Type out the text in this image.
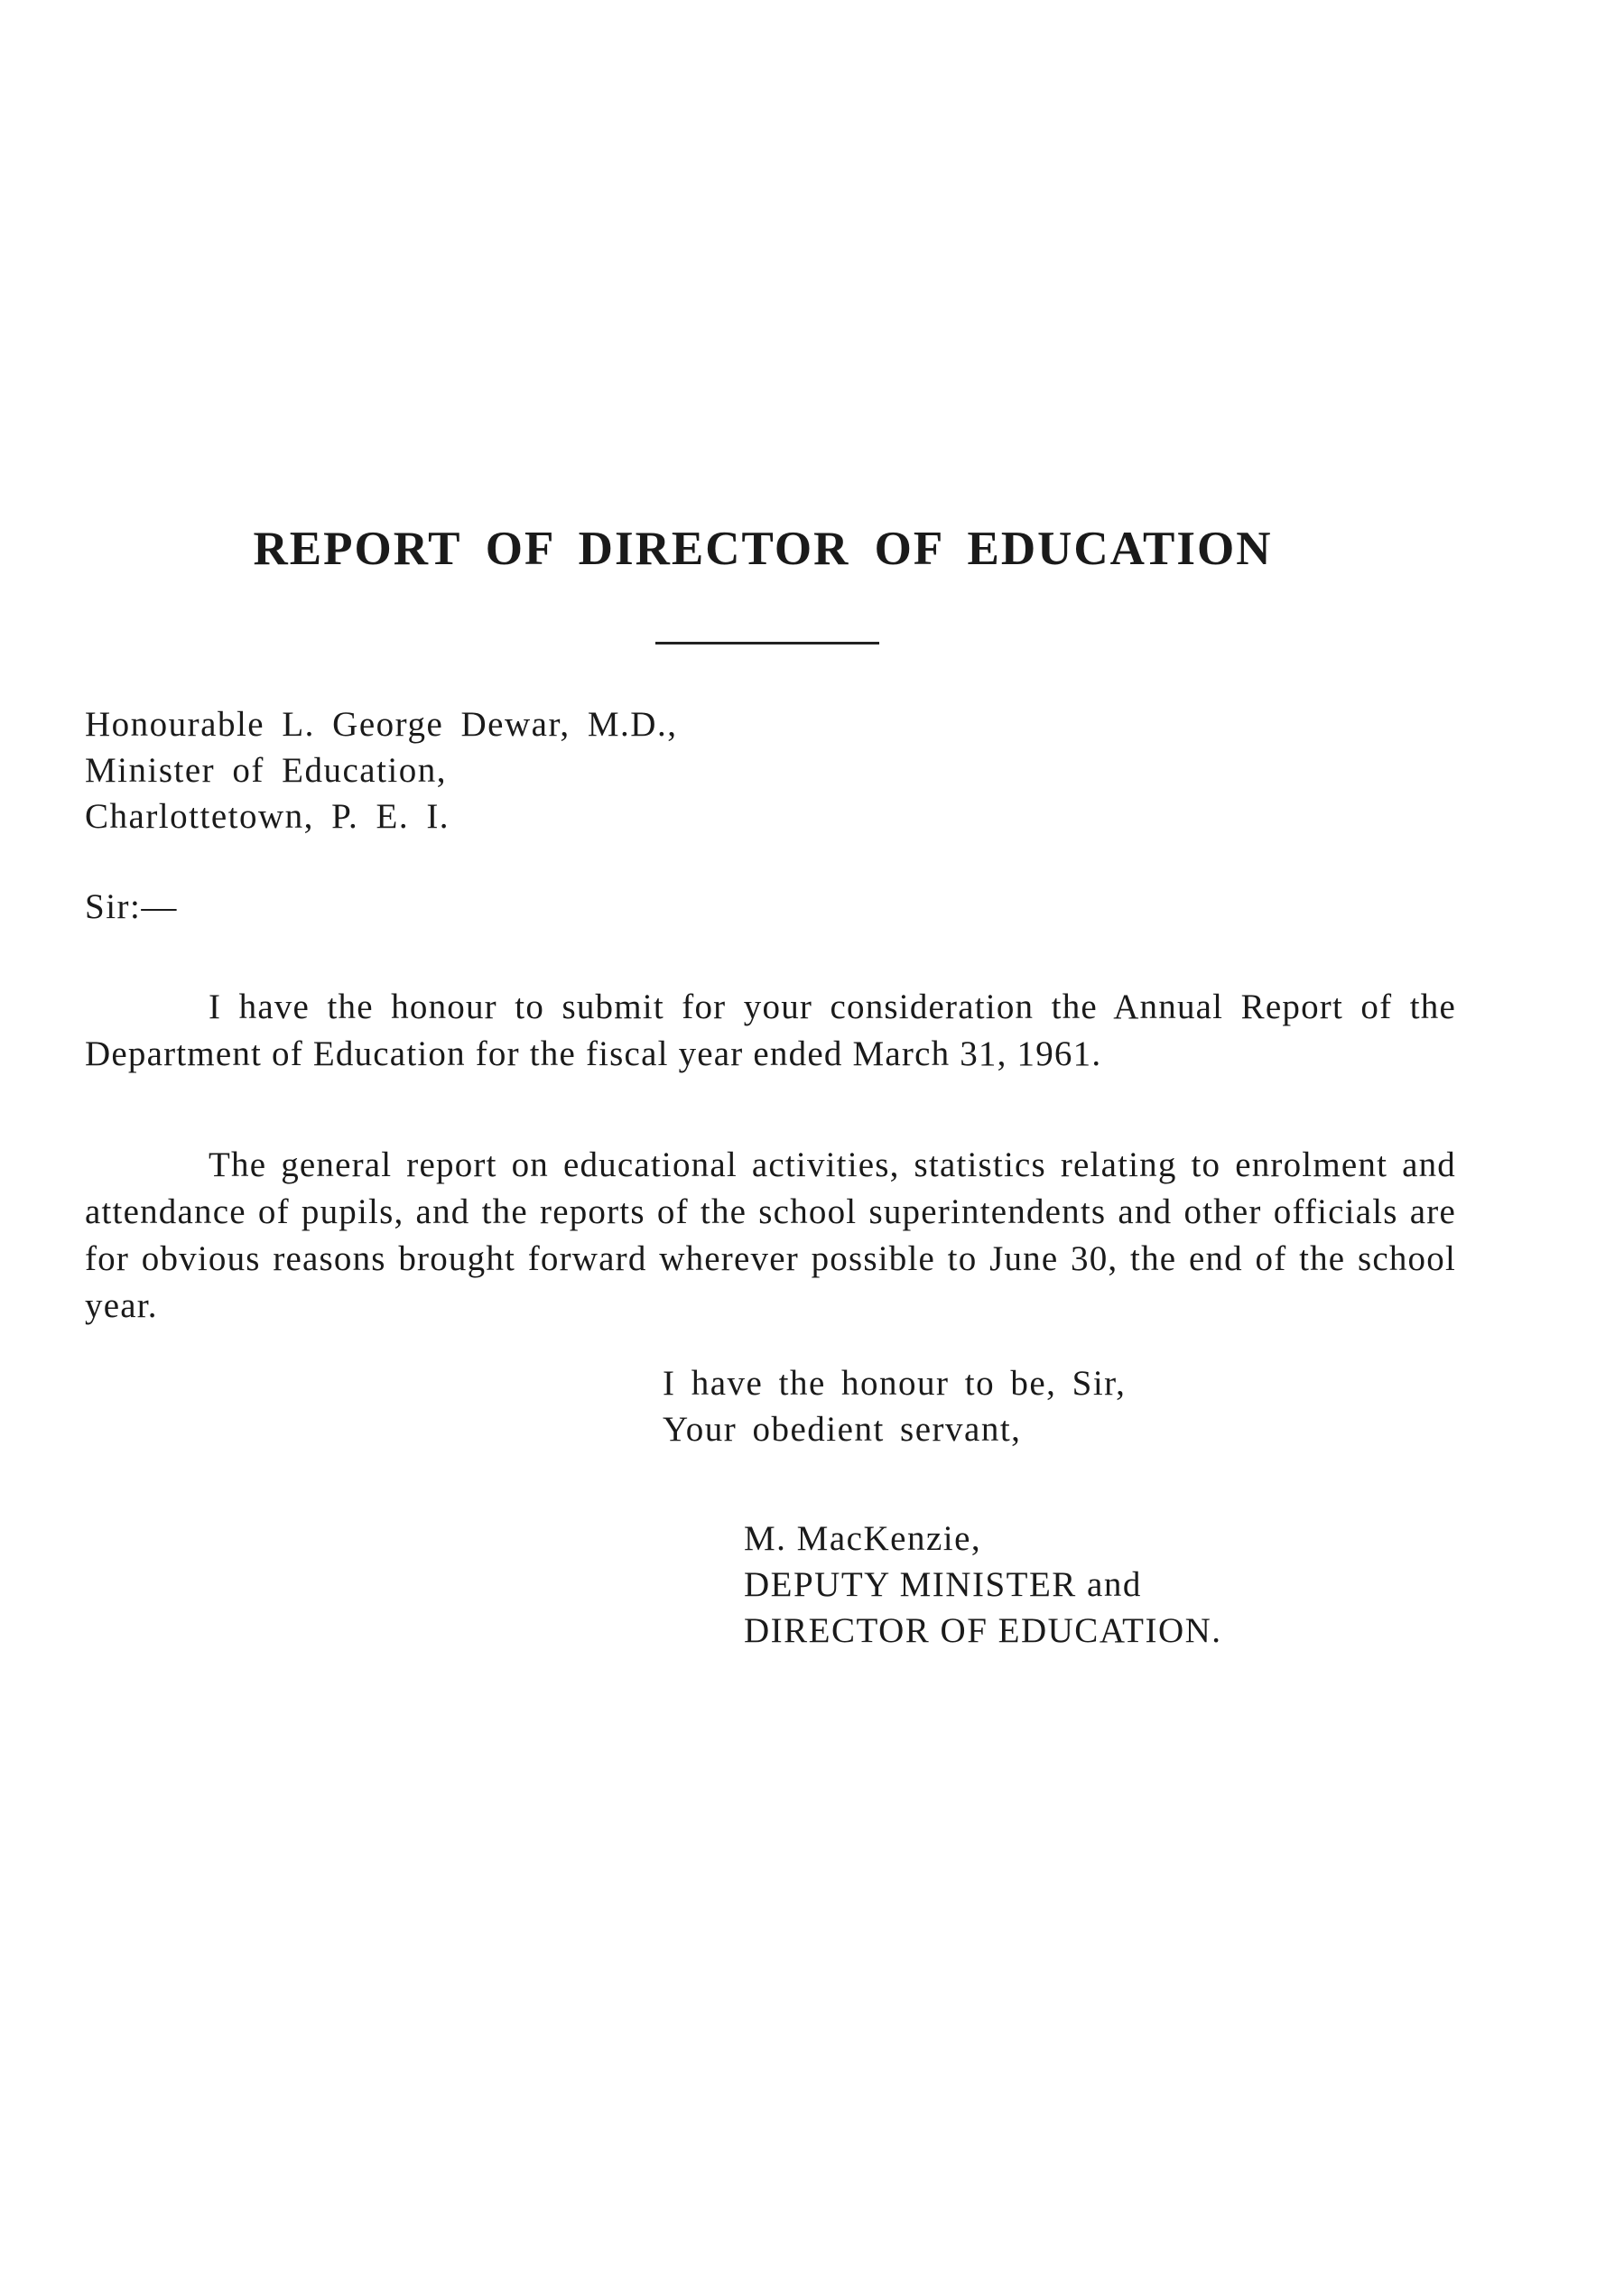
REPORT OF DIRECTOR OF EDUCATION
Honourable L. George Dewar, M.D.,
Minister of Education,
Charlottetown, P. E. I.
Sir:—

I have the honour to submit for your consideration the Annual Report of the Department of Education for the fiscal year ended March 31, 1961.

The general report on educational activities, statistics relating to enrolment and attendance of pupils, and the reports of the school superintendents and other officials are for obvious reasons brought forward wherever possible to June 30, the end of the school year.

I have the honour to be, Sir,
Your obedient servant,
M. MacKenzie,
DEPUTY MINISTER and
DIRECTOR OF EDUCATION.
